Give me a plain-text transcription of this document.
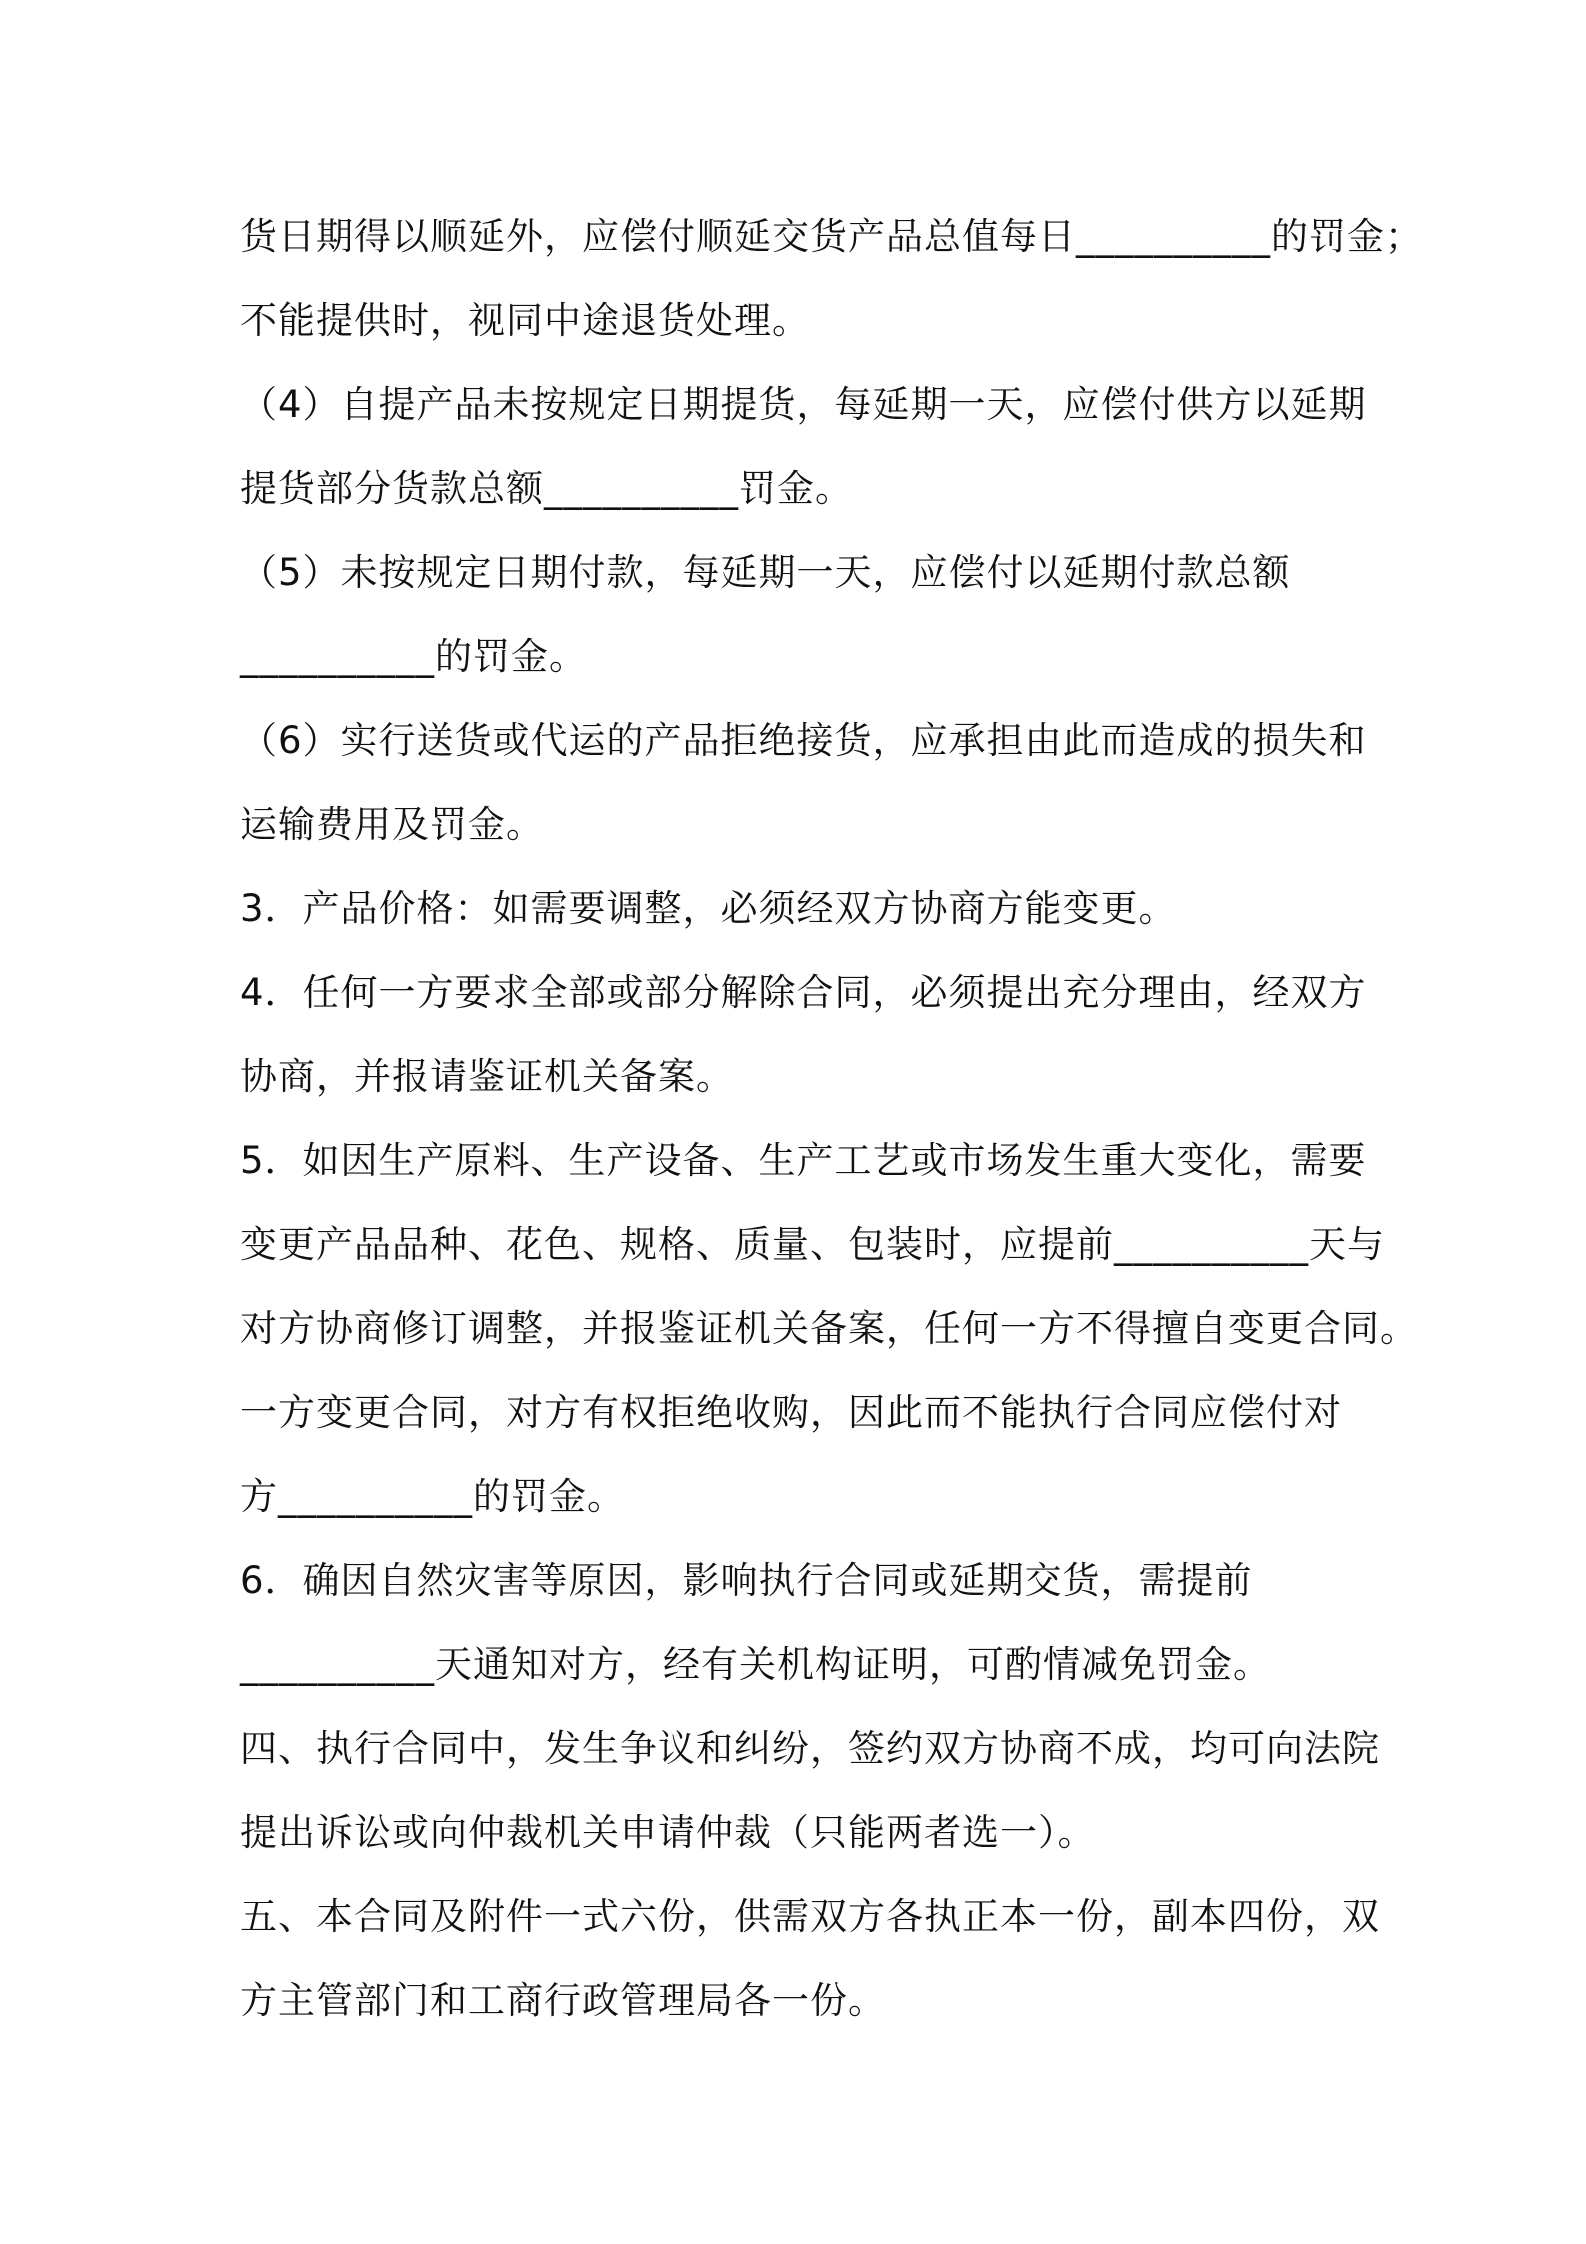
货日期得以顺延外，应偿付顺延交货产品总值每日__________的罚金；
不能提供时，视同中途退货处理。
（4）自提产品未按规定日期提货，每延期一天，应偿付供方以延期
提货部分货款总额__________罚金。
（5）未按规定日期付款，每延期一天，应偿付以延期付款总额
__________的罚金。
（6）实行送货或代运的产品拒绝接货，应承担由此而造成的损失和
运输费用及罚金。
3．产品价格：如需要调整，必须经双方协商方能变更。
4．任何一方要求全部或部分解除合同，必须提出充分理由，经双方
协商，并报请鉴证机关备案。
5．如因生产原料、生产设备、生产工艺或市场发生重大变化，需要
变更产品品种、花色、规格、质量、包装时，应提前__________天与
对方协商修订调整，并报鉴证机关备案，任何一方不得擅自变更合同。
一方变更合同，对方有权拒绝收购，因此而不能执行合同应偿付对
方__________的罚金。
6．确因自然灾害等原因，影响执行合同或延期交货，需提前
__________天通知对方，经有关机构证明，可酌情减免罚金。
四、执行合同中，发生争议和纠纷，签约双方协商不成，均可向法院
提出诉讼或向仲裁机关申请仲裁（只能两者选一）。
五、本合同及附件一式六份，供需双方各执正本一份，副本四份，双
方主管部门和工商行政管理局各一份。
